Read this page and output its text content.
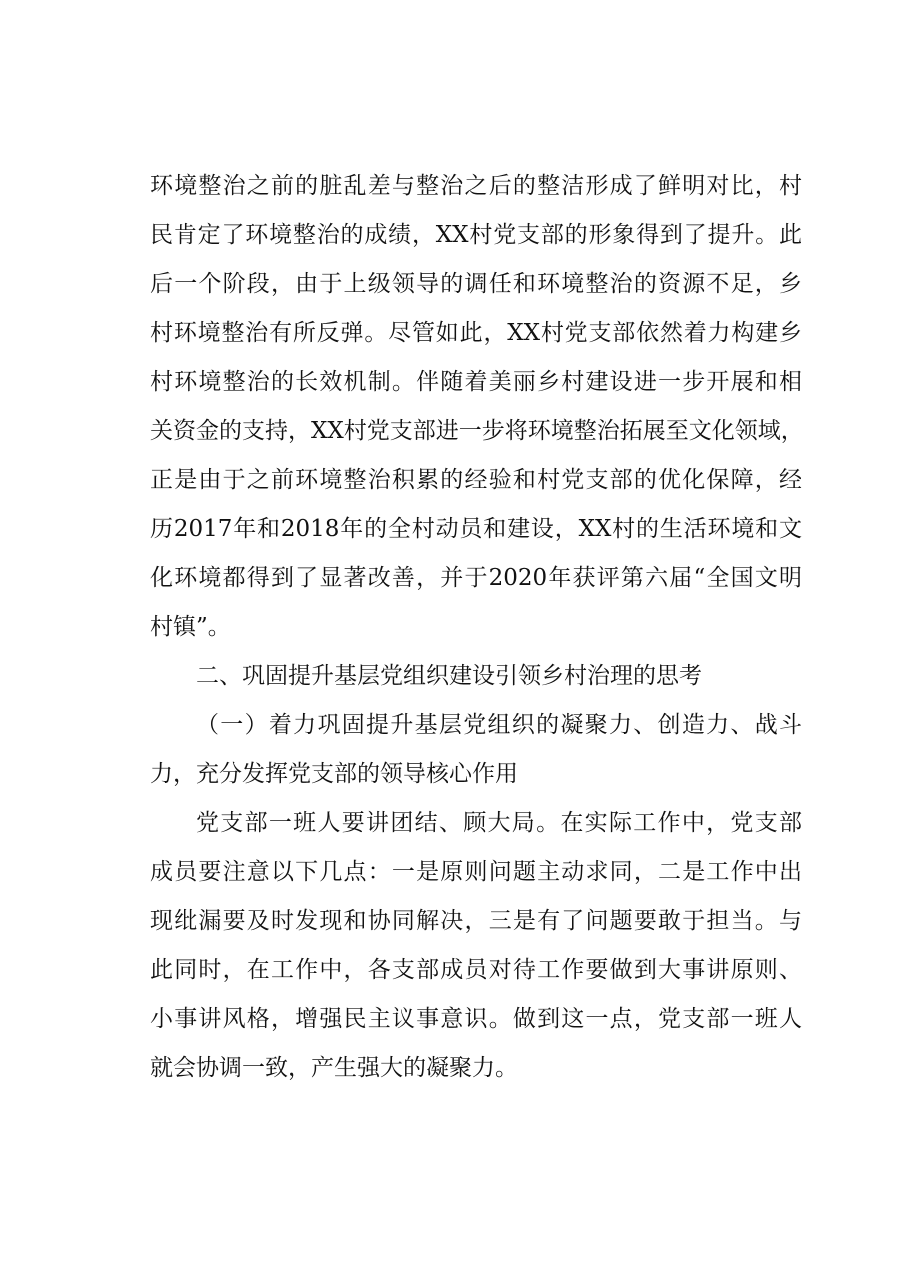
环境整治之前的脏乱差与整治之后的整洁形成了鲜明对比，村
民肯定了环境整治的成绩，XX村党支部的形象得到了提升。此
后一个阶段，由于上级领导的调任和环境整治的资源不足，乡
村环境整治有所反弹。尽管如此，XX村党支部依然着力构建乡
村环境整治的长效机制。伴随着美丽乡村建设进一步开展和相
关资金的支持，XX村党支部进一步将环境整治拓展至文化领域，
正是由于之前环境整治积累的经验和村党支部的优化保障，经
历2017年和2018年的全村动员和建设，XX村的生活环境和文
化环境都得到了显著改善，并于2020年获评第六届“全国文明
村镇”。
二、巩固提升基层党组织建设引领乡村治理的思考
（一）着力巩固提升基层党组织的凝聚力、创造力、战斗
力，充分发挥党支部的领导核心作用
党支部一班人要讲团结、顾大局。在实际工作中，党支部
成员要注意以下几点：一是原则问题主动求同，二是工作中出
现纰漏要及时发现和协同解决，三是有了问题要敢于担当。与
此同时，在工作中，各支部成员对待工作要做到大事讲原则、
小事讲风格，增强民主议事意识。做到这一点，党支部一班人
就会协调一致，产生强大的凝聚力。
